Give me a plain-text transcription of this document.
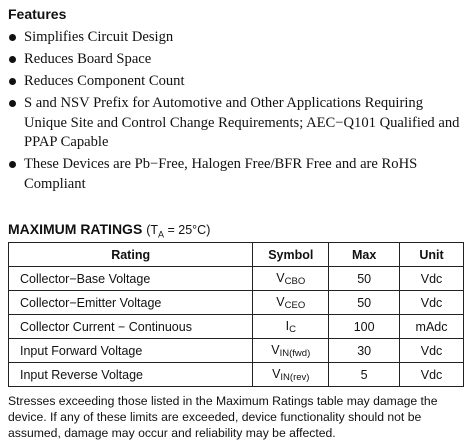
Features
Simplifies Circuit Design
Reduces Board Space
Reduces Component Count
S and NSV Prefix for Automotive and Other Applications Requiring Unique Site and Control Change Requirements; AEC−Q101 Qualified and PPAP Capable
These Devices are Pb−Free, Halogen Free/BFR Free and are RoHS Compliant
MAXIMUM RATINGS $(T_A = 25^\circ C)$
Rating	Symbol	Max	Unit
Collector−Base Voltage	$V_{CBO}$	50	Vdc
Collector−Emitter Voltage	$V_{CEO}$	50	Vdc
Collector Current − Continuous	$I_C$	100	mAdc
Input Forward Voltage	$V_{IN(fwd)}$	30	Vdc
Input Reverse Voltage	$V_{IN(rev)}$	5	Vdc

Stresses exceeding those listed in the Maximum Ratings table may damage the device. If any of these limits are exceeded, device functionality should not be assumed, damage may occur and reliability may be affected.
